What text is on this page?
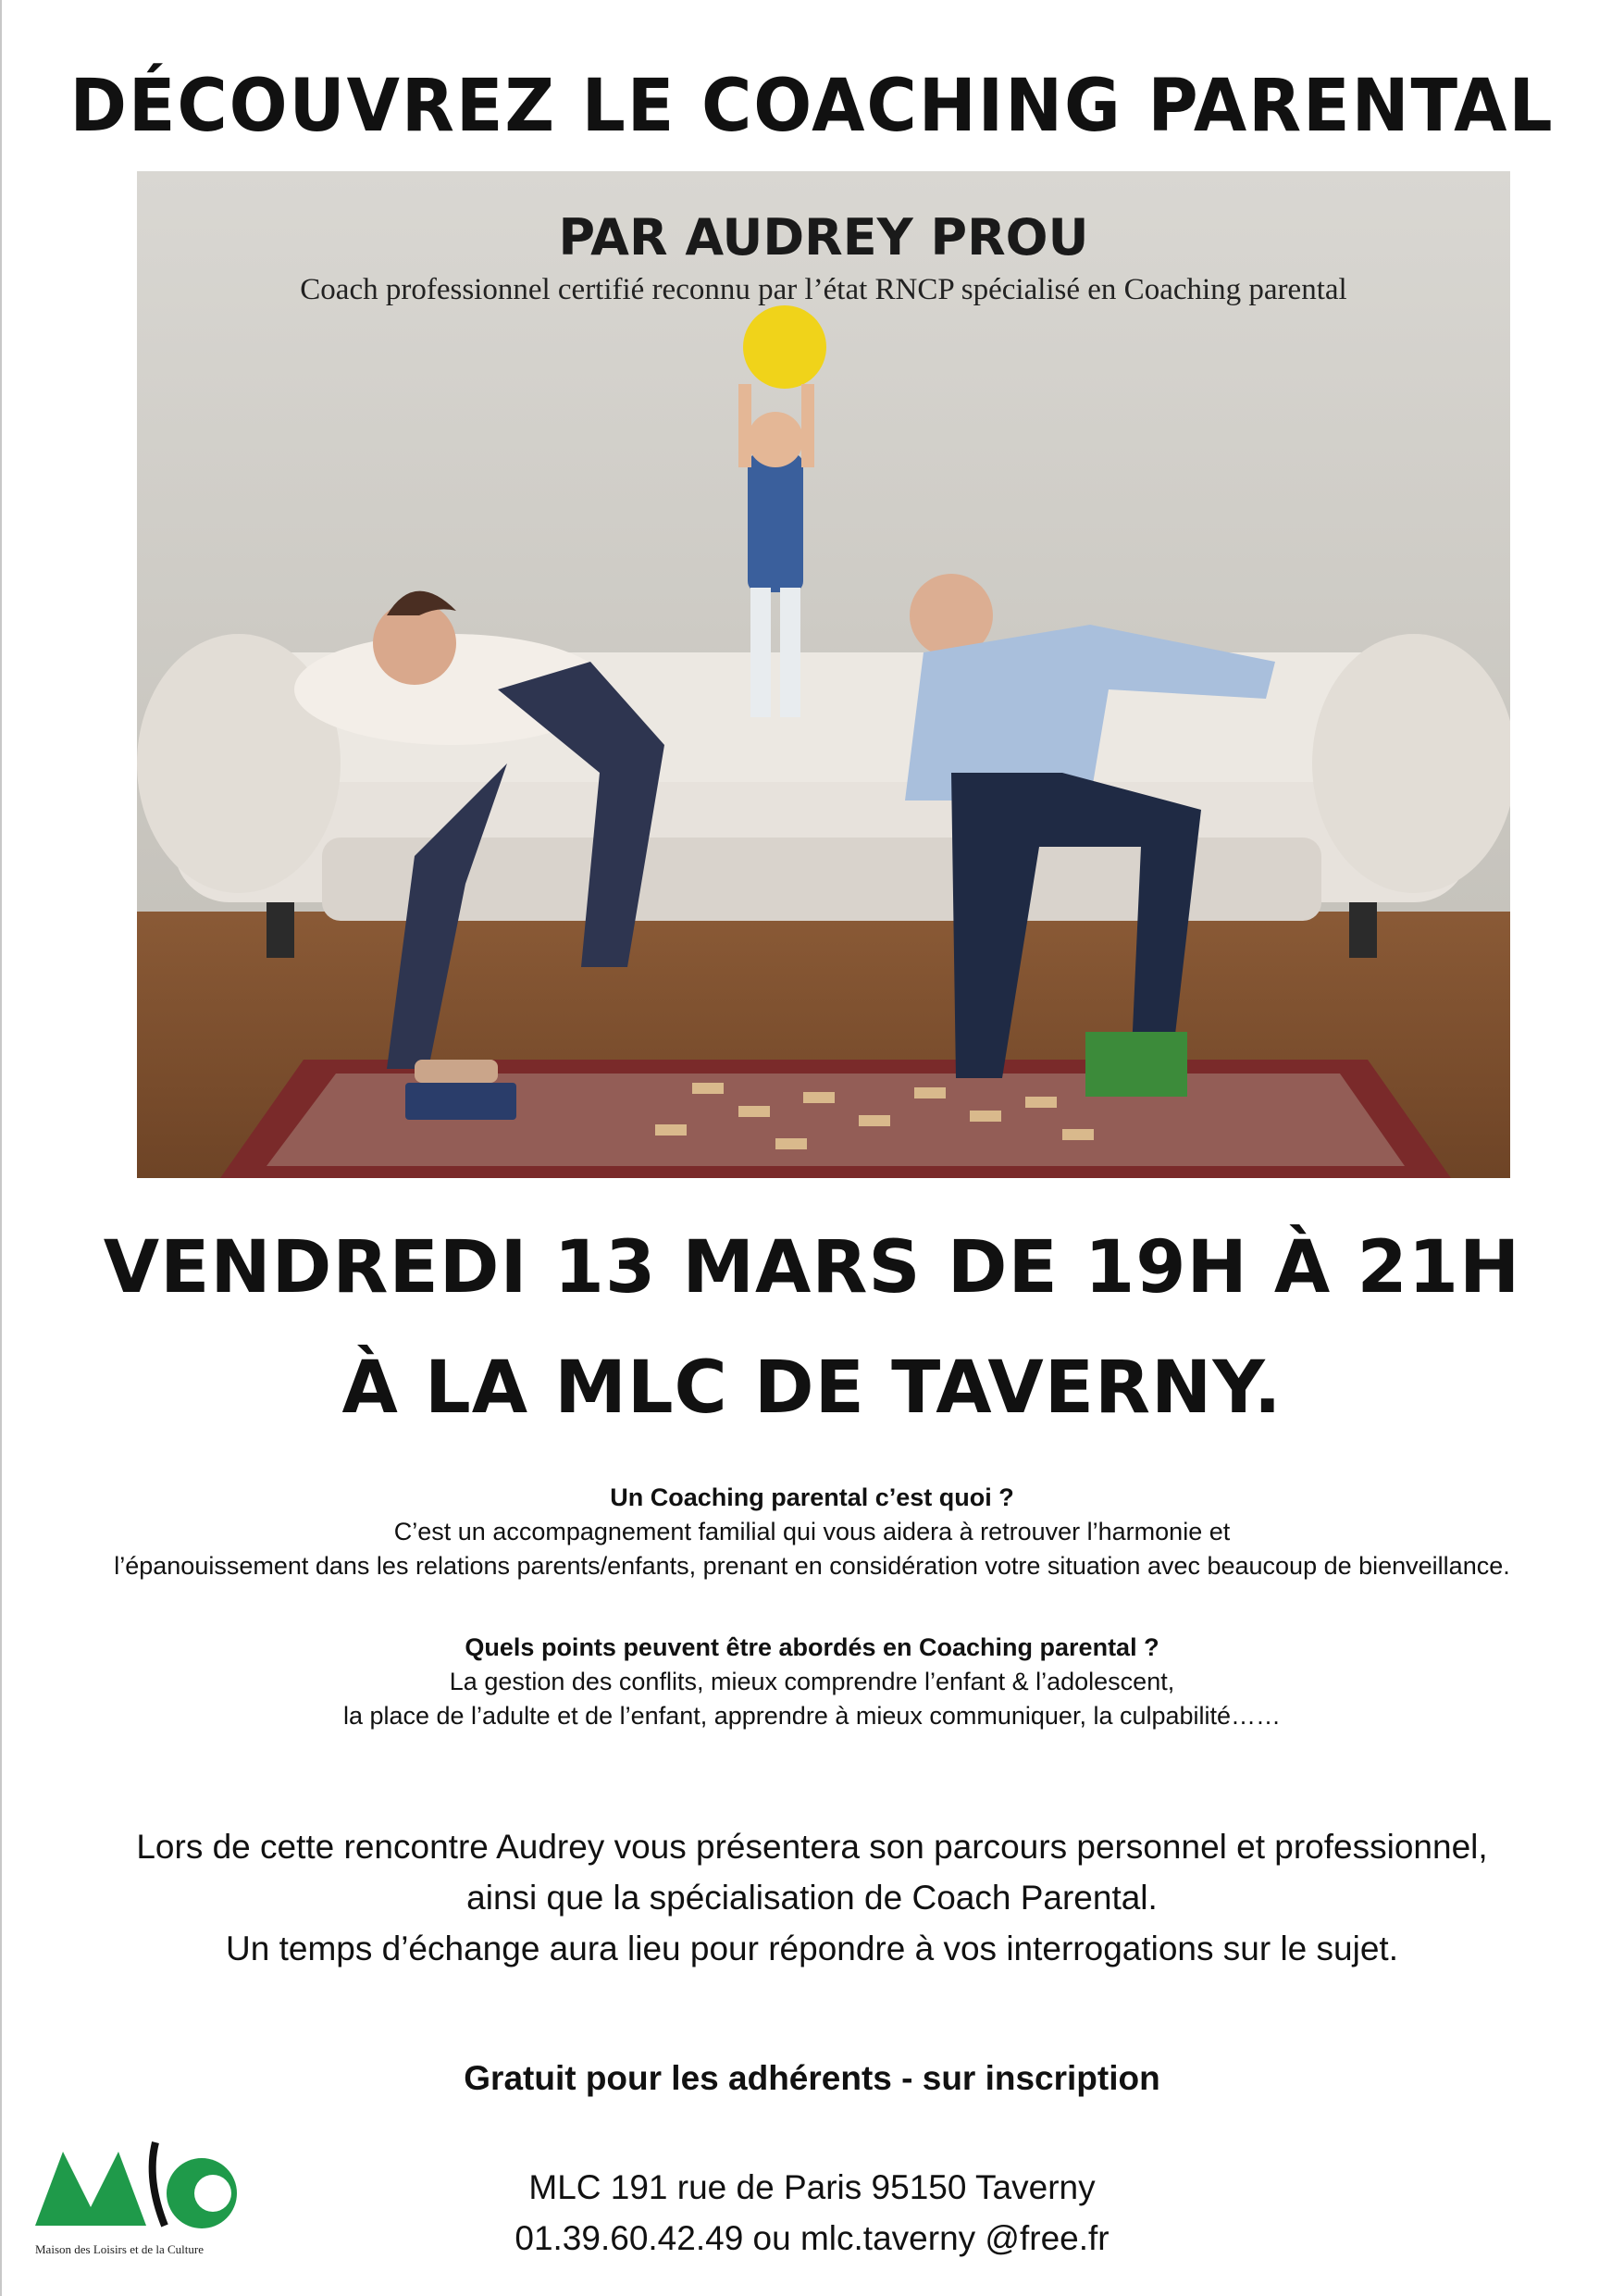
DÉCOUVREZ LE COACHING PARENTAL
PAR AUDREY PROU
Coach professionnel certifié reconnu par l’état RNCP spécialisé en Coaching parental
VENDREDI 13 MARS DE 19H À 21H
À LA MLC DE TAVERNY.
Un Coaching parental c’est quoi ?
C’est un accompagnement familial qui vous aidera à retrouver l’harmonie et
l’épanouissement dans les relations parents/enfants, prenant en considération votre situation avec beaucoup de bienveillance.
Quels points peuvent être abordés en Coaching parental ?
La gestion des conflits, mieux comprendre l’enfant & l’adolescent,
la place de l’adulte et de l’enfant, apprendre à mieux communiquer, la culpabilité……
Lors de cette rencontre Audrey vous présentera son parcours personnel et professionnel,
ainsi que la spécialisation de Coach Parental.
Un temps d’échange aura lieu pour répondre à vos interrogations sur le sujet.
Gratuit pour les adhérents - sur inscription
MLC 191 rue de Paris 95150 Taverny
01.39.60.42.49 ou mlc.taverny @free.fr
Maison des Loisirs et de la Culture
